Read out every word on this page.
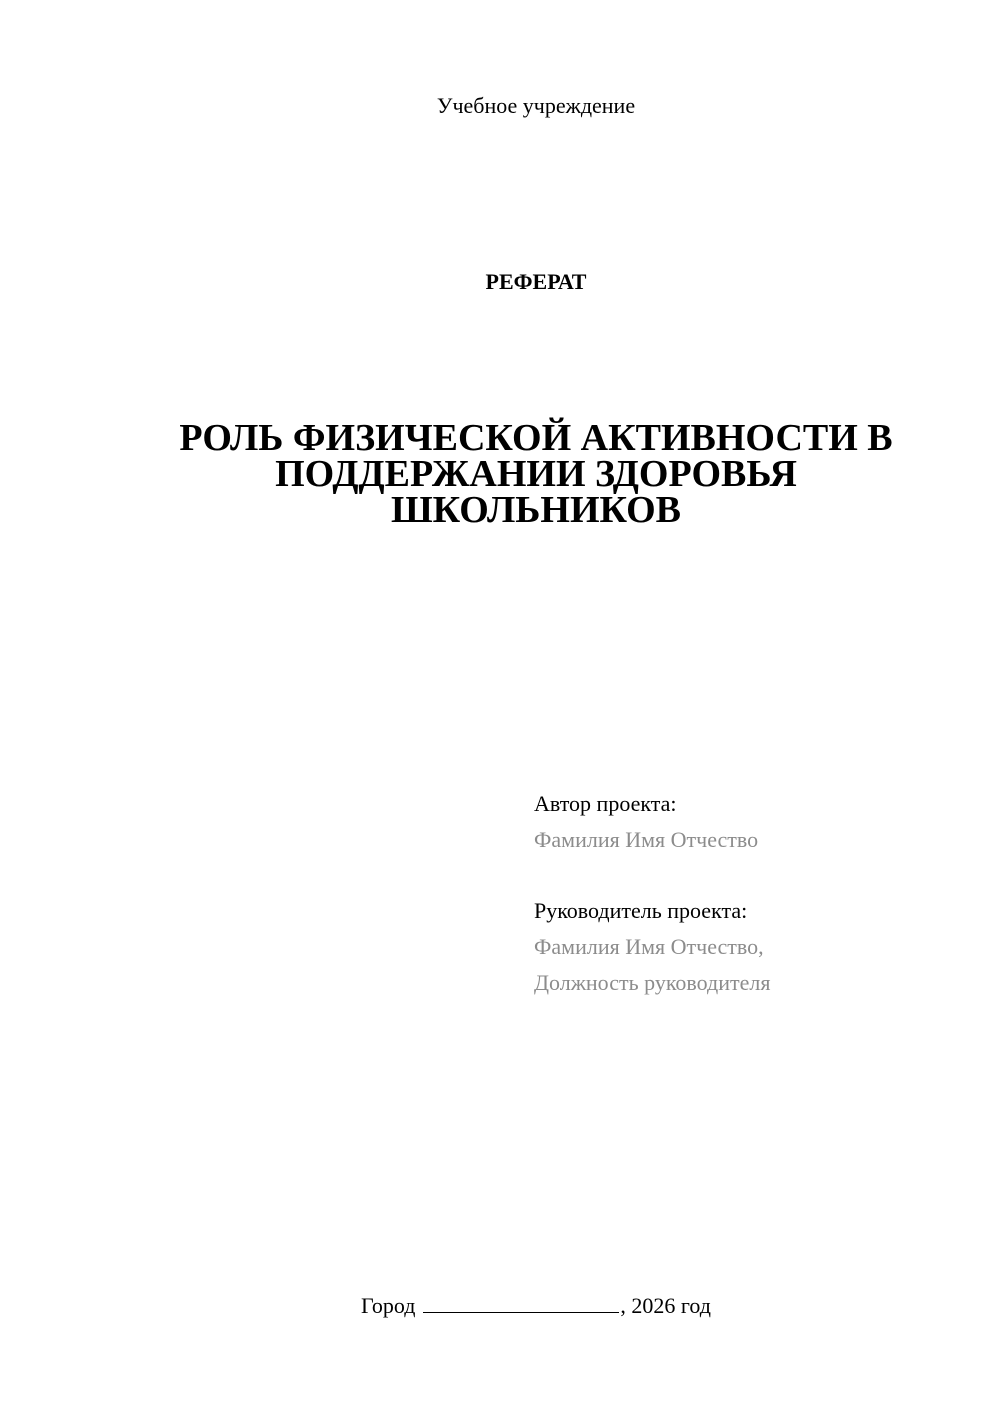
Учебное учреждение
РЕФЕРАТ
РОЛЬ ФИЗИЧЕСКОЙ АКТИВНОСТИ В ПОДДЕРЖАНИИ ЗДОРОВЬЯ ШКОЛЬНИКОВ
Автор проекта:
Фамилия Имя Отчество
Руководитель проекта:
Фамилия Имя Отчество,
Должность руководителя
Город	, 2026 год
